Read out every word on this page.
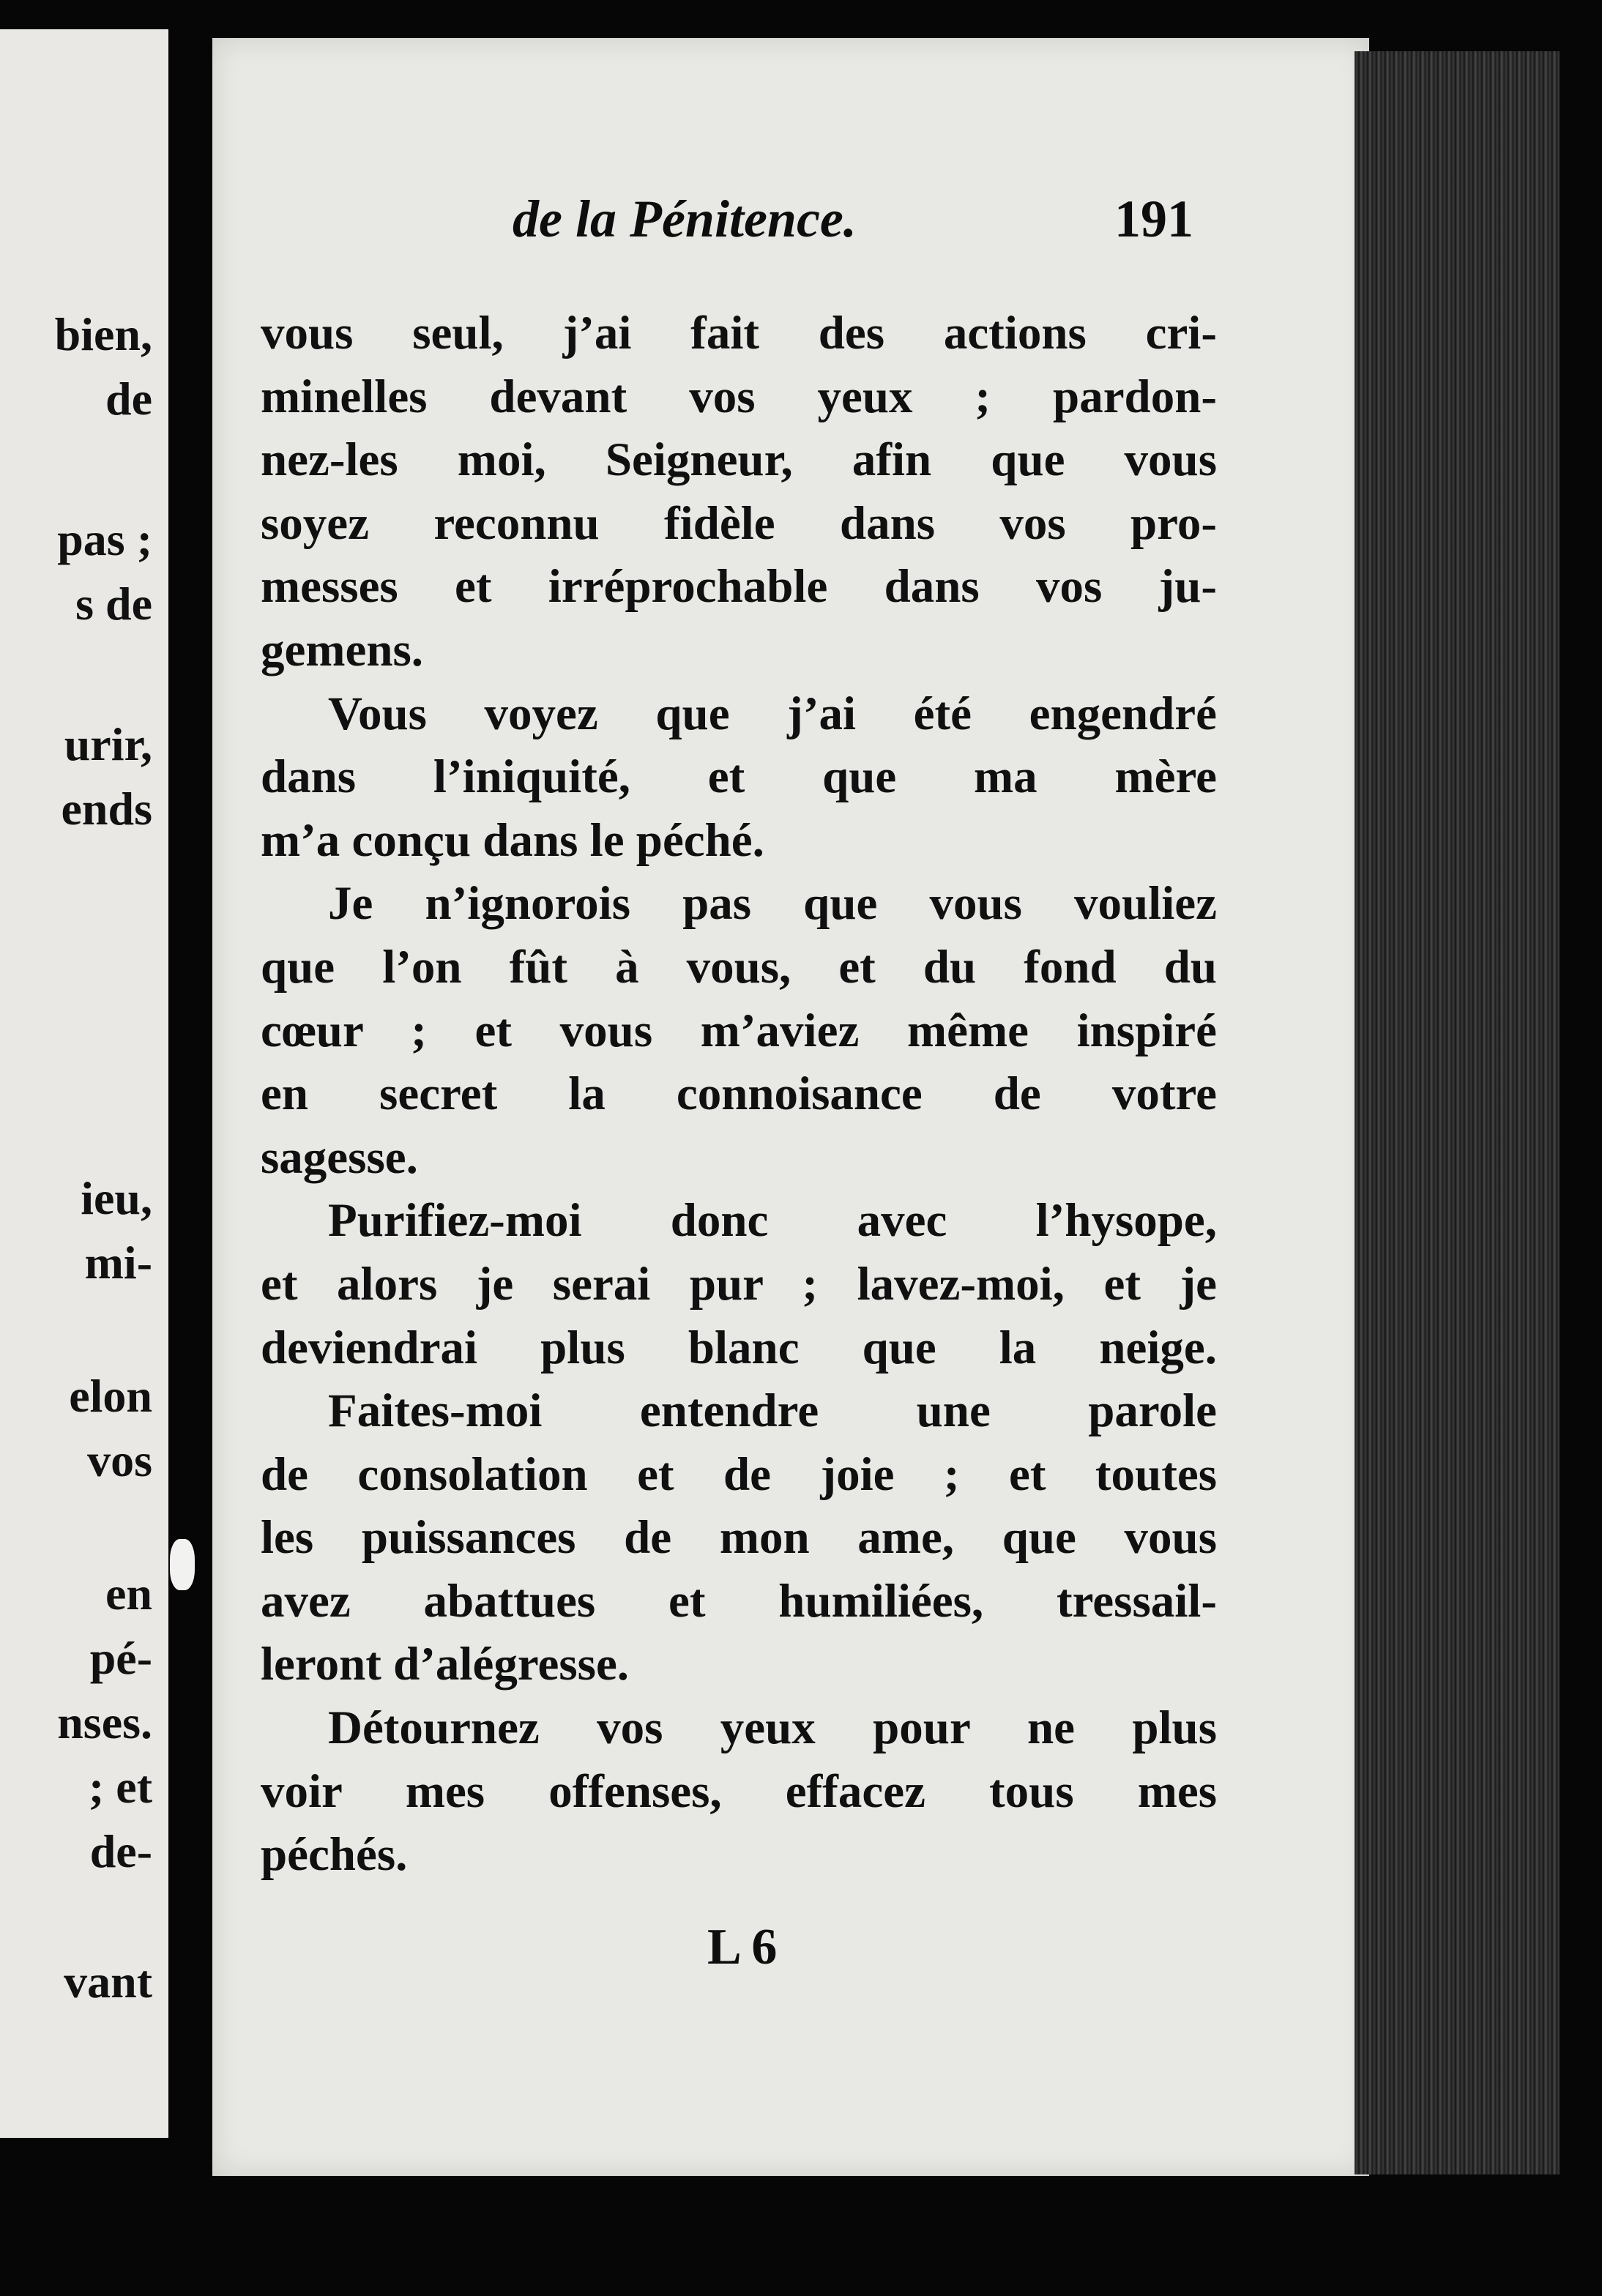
bien,
de
pas ;
s de
urir,
ends
ieu,
mi-
elon
vos
en
pé-
nses.
; et
de-
vant
de la Pénitence.	191
vous seul, j’ai fait des actions cri-
minelles devant vos yeux ; pardon-
nez-les moi, Seigneur, afin que vous
soyez reconnu fidèle dans vos pro-
messes et irréprochable dans vos ju-
gemens.
Vous voyez que j’ai été engendré
dans l’iniquité, et que ma mère
m’a conçu dans le péché.
Je n’ignorois pas que vous vouliez
que l’on fût à vous, et du fond du
cœur ; et vous m’aviez même inspiré
en secret la connoisance de votre
sagesse.
Purifiez-moi donc avec l’hysope,
et alors je serai pur ; lavez-moi, et je
deviendrai plus blanc que la neige.
Faites-moi entendre une parole
de consolation et de joie ; et toutes
les puissances de mon ame, que vous
avez abattues et humiliées, tressail-
leront d’alégresse.
Détournez vos yeux pour ne plus
voir mes offenses, effacez tous mes
péchés.
L 6
